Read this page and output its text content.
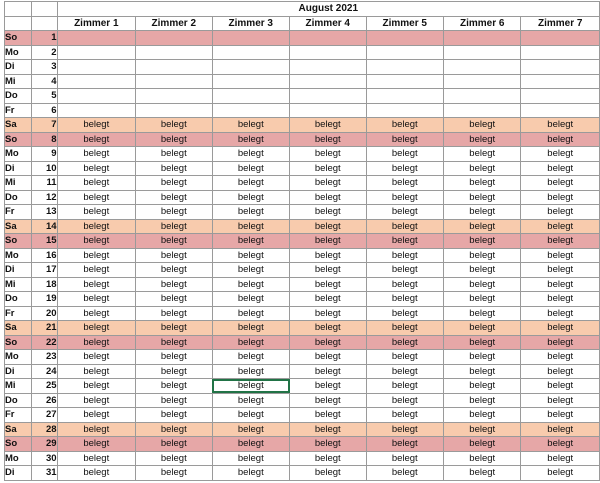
		August 2021						
		Zimmer 1	Zimmer 2	Zimmer 3	Zimmer 4	Zimmer 5	Zimmer 6	Zimmer 7
So	1							
Mo	2							
Di	3							
Mi	4							
Do	5							
Fr	6							
Sa	7	belegt	belegt	belegt	belegt	belegt	belegt	belegt
So	8	belegt	belegt	belegt	belegt	belegt	belegt	belegt
Mo	9	belegt	belegt	belegt	belegt	belegt	belegt	belegt
Di	10	belegt	belegt	belegt	belegt	belegt	belegt	belegt
Mi	11	belegt	belegt	belegt	belegt	belegt	belegt	belegt
Do	12	belegt	belegt	belegt	belegt	belegt	belegt	belegt
Fr	13	belegt	belegt	belegt	belegt	belegt	belegt	belegt
Sa	14	belegt	belegt	belegt	belegt	belegt	belegt	belegt
So	15	belegt	belegt	belegt	belegt	belegt	belegt	belegt
Mo	16	belegt	belegt	belegt	belegt	belegt	belegt	belegt
Di	17	belegt	belegt	belegt	belegt	belegt	belegt	belegt
Mi	18	belegt	belegt	belegt	belegt	belegt	belegt	belegt
Do	19	belegt	belegt	belegt	belegt	belegt	belegt	belegt
Fr	20	belegt	belegt	belegt	belegt	belegt	belegt	belegt
Sa	21	belegt	belegt	belegt	belegt	belegt	belegt	belegt
So	22	belegt	belegt	belegt	belegt	belegt	belegt	belegt
Mo	23	belegt	belegt	belegt	belegt	belegt	belegt	belegt
Di	24	belegt	belegt	belegt	belegt	belegt	belegt	belegt
Mi	25	belegt	belegt	belegt	belegt	belegt	belegt	belegt
Do	26	belegt	belegt	belegt	belegt	belegt	belegt	belegt
Fr	27	belegt	belegt	belegt	belegt	belegt	belegt	belegt
Sa	28	belegt	belegt	belegt	belegt	belegt	belegt	belegt
So	29	belegt	belegt	belegt	belegt	belegt	belegt	belegt
Mo	30	belegt	belegt	belegt	belegt	belegt	belegt	belegt
Di	31	belegt	belegt	belegt	belegt	belegt	belegt	belegt
